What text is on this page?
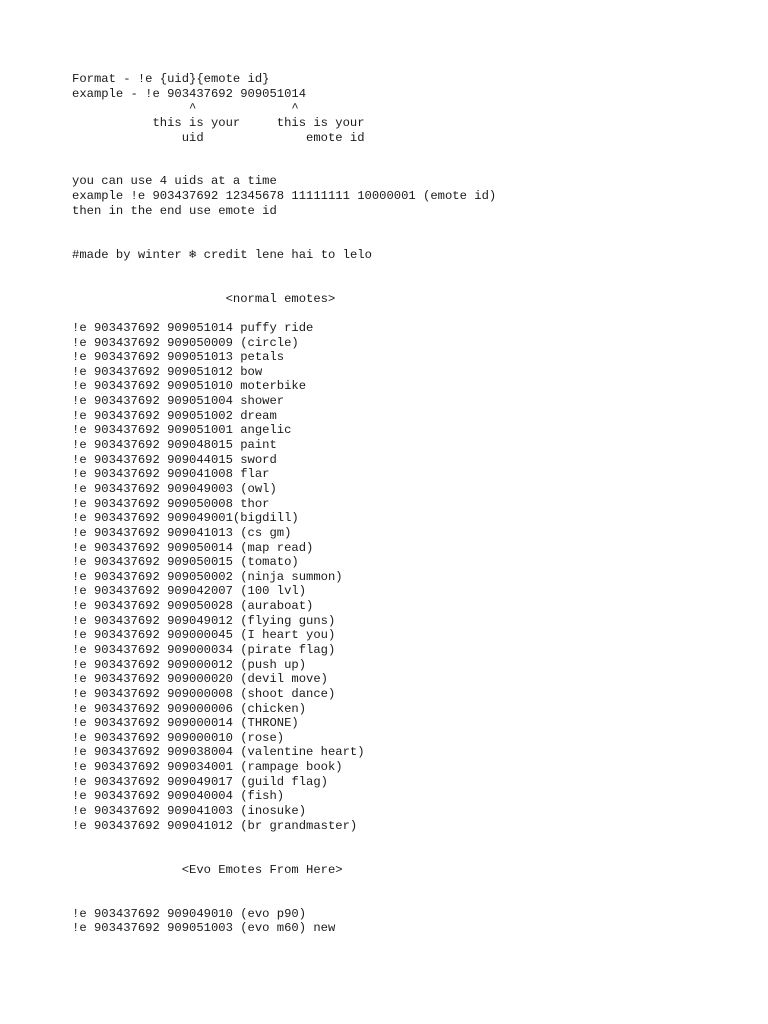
Format - !e {uid}{emote id}
example - !e 903437692 909051014
^             ^
this is your     this is your
uid              emote id
you can use 4 uids at a time
example !e 903437692 12345678 11111111 10000001 (emote id)
then in the end use emote id
#made by winter ❄ credit lene hai to lelo
<normal emotes>
!e 903437692 909051014 puffy ride
!e 903437692 909050009 (circle)
!e 903437692 909051013 petals
!e 903437692 909051012 bow
!e 903437692 909051010 moterbike
!e 903437692 909051004 shower
!e 903437692 909051002 dream
!e 903437692 909051001 angelic
!e 903437692 909048015 paint
!e 903437692 909044015 sword
!e 903437692 909041008 flar
!e 903437692 909049003 (owl)
!e 903437692 909050008 thor
!e 903437692 909049001(bigdill)
!e 903437692 909041013 (cs gm)
!e 903437692 909050014 (map read)
!e 903437692 909050015 (tomato)
!e 903437692 909050002 (ninja summon)
!e 903437692 909042007 (100 lvl)
!e 903437692 909050028 (auraboat)
!e 903437692 909049012 (flying guns)
!e 903437692 909000045 (I heart you)
!e 903437692 909000034 (pirate flag)
!e 903437692 909000012 (push up)
!e 903437692 909000020 (devil move)
!e 903437692 909000008 (shoot dance)
!e 903437692 909000006 (chicken)
!e 903437692 909000014 (THRONE)
!e 903437692 909000010 (rose)
!e 903437692 909038004 (valentine heart)
!e 903437692 909034001 (rampage book)
!e 903437692 909049017 (guild flag)
!e 903437692 909040004 (fish)
!e 903437692 909041003 (inosuke)
!e 903437692 909041012 (br grandmaster)
<Evo Emotes From Here>
!e 903437692 909049010 (evo p90)
!e 903437692 909051003 (evo m60) new
